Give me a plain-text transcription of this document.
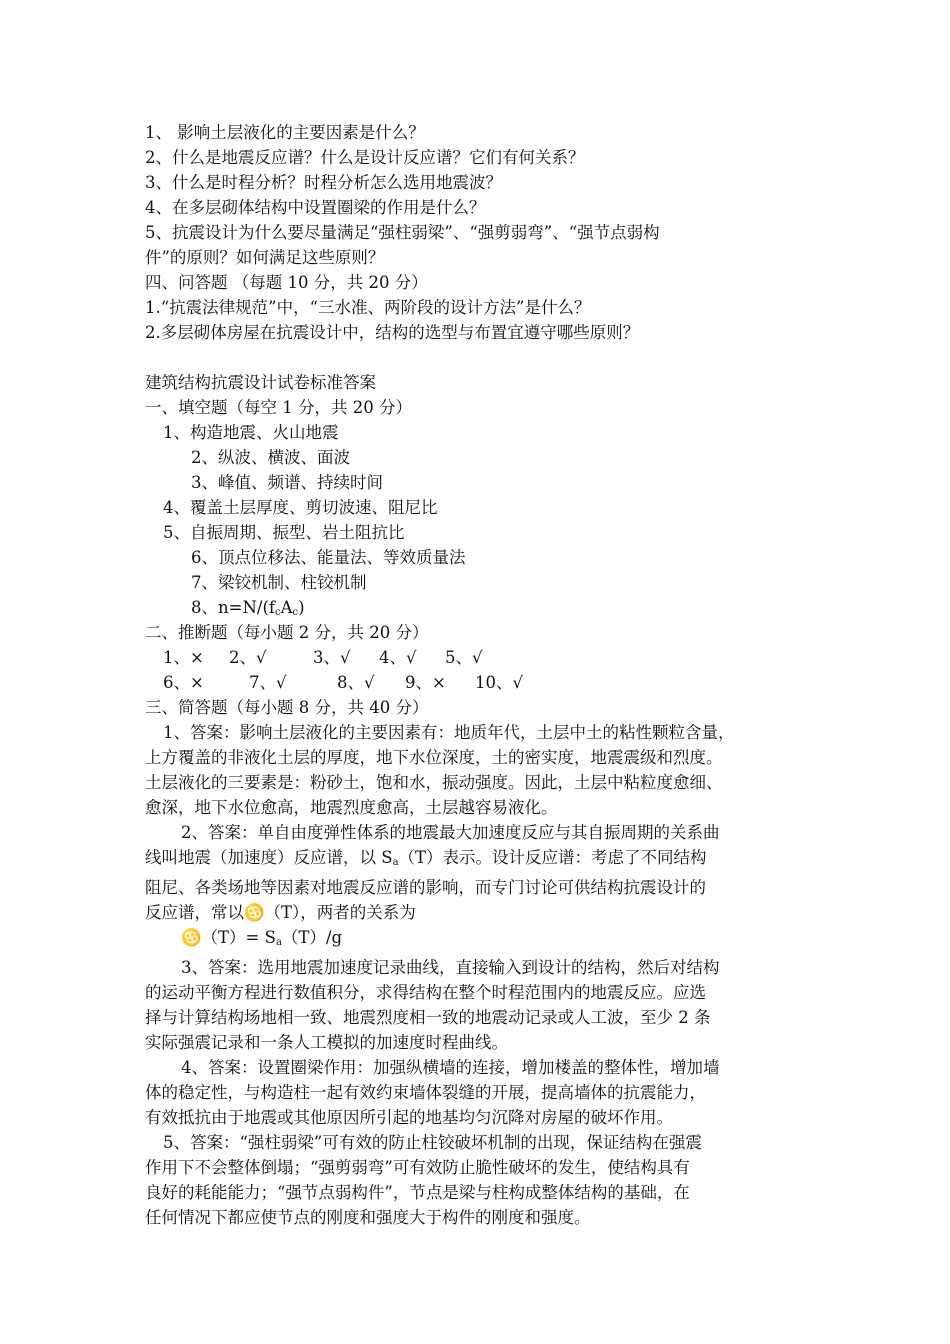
1、 影响土层液化的主要因素是什么？
2、什么是地震反应谱？什么是设计反应谱？它们有何关系？
3、什么是时程分析？时程分析怎么选用地震波？
4、在多层砌体结构中设置圈梁的作用是什么？
5、抗震设计为什么要尽量满足“强柱弱梁”、“强剪弱弯”、“强节点弱构
件”的原则？如何满足这些原则？
四、问答题 （每题 10 分，共 20 分）
1.“抗震法律规范”中，“三水准、两阶段的设计方法”是什么？
2.多层砌体房屋在抗震设计中，结构的选型与布置宜遵守哪些原则？
建筑结构抗震设计试卷标准答案
一、填空题（每空 1 分，共 20 分）
1、构造地震、火山地震
2、纵波、横波、面波
3、峰值、频谱、持续时间
4、覆盖土层厚度、剪切波速、阻尼比
5、自振周期、振型、岩土阻抗比
6、顶点位移法、能量法、等效质量法
7、梁铰机制、柱铰机制
8、$n=N/(f_cA_c)$
二、推断题（每小题 2 分，共 20 分）
1、×	2、√	3、√	4、√	5、√
6、×	7、√	8、√	9、×	10、√
三、简答题（每小题 8 分，共 40 分）
1、答案：影响土层液化的主要因素有：地质年代，土层中土的粘性颗粒含量，
上方覆盖的非液化土层的厚度，地下水位深度，土的密实度，地震震级和烈度。
土层液化的三要素是：粉砂土，饱和水，振动强度。因此，土层中粘粒度愈细、
愈深，地下水位愈高，地震烈度愈高，土层越容易液化。
2、答案：单自由度弹性体系的地震最大加速度反应与其自振周期的关系曲
线叫地震（加速度）反应谱，以 $S_a(T)$表示。设计反应谱：考虑了不同结构
阻尼、各类场地等因素对地震反应谱的影响，而专门讨论可供结构抗震设计的
反应谱，常以♋（T），两者的关系为
♋（T）= $S_a(T)/g$
3、答案：选用地震加速度记录曲线，直接输入到设计的结构，然后对结构
的运动平衡方程进行数值积分，求得结构在整个时程范围内的地震反应。应选
择与计算结构场地相一致、地震烈度相一致的地震动记录或人工波，至少 2 条
实际强震记录和一条人工模拟的加速度时程曲线。
4、答案：设置圈梁作用：加强纵横墙的连接，增加楼盖的整体性，增加墙
体的稳定性，与构造柱一起有效约束墙体裂缝的开展，提高墙体的抗震能力，
有效抵抗由于地震或其他原因所引起的地基均匀沉降对房屋的破坏作用。
5、答案：“强柱弱梁”可有效的防止柱铰破坏机制的出现，保证结构在强震
作用下不会整体倒塌；“强剪弱弯”可有效防止脆性破坏的发生，使结构具有
良好的耗能能力；“强节点弱构件”，节点是梁与柱构成整体结构的基础，在
任何情况下都应使节点的刚度和强度大于构件的刚度和强度。
